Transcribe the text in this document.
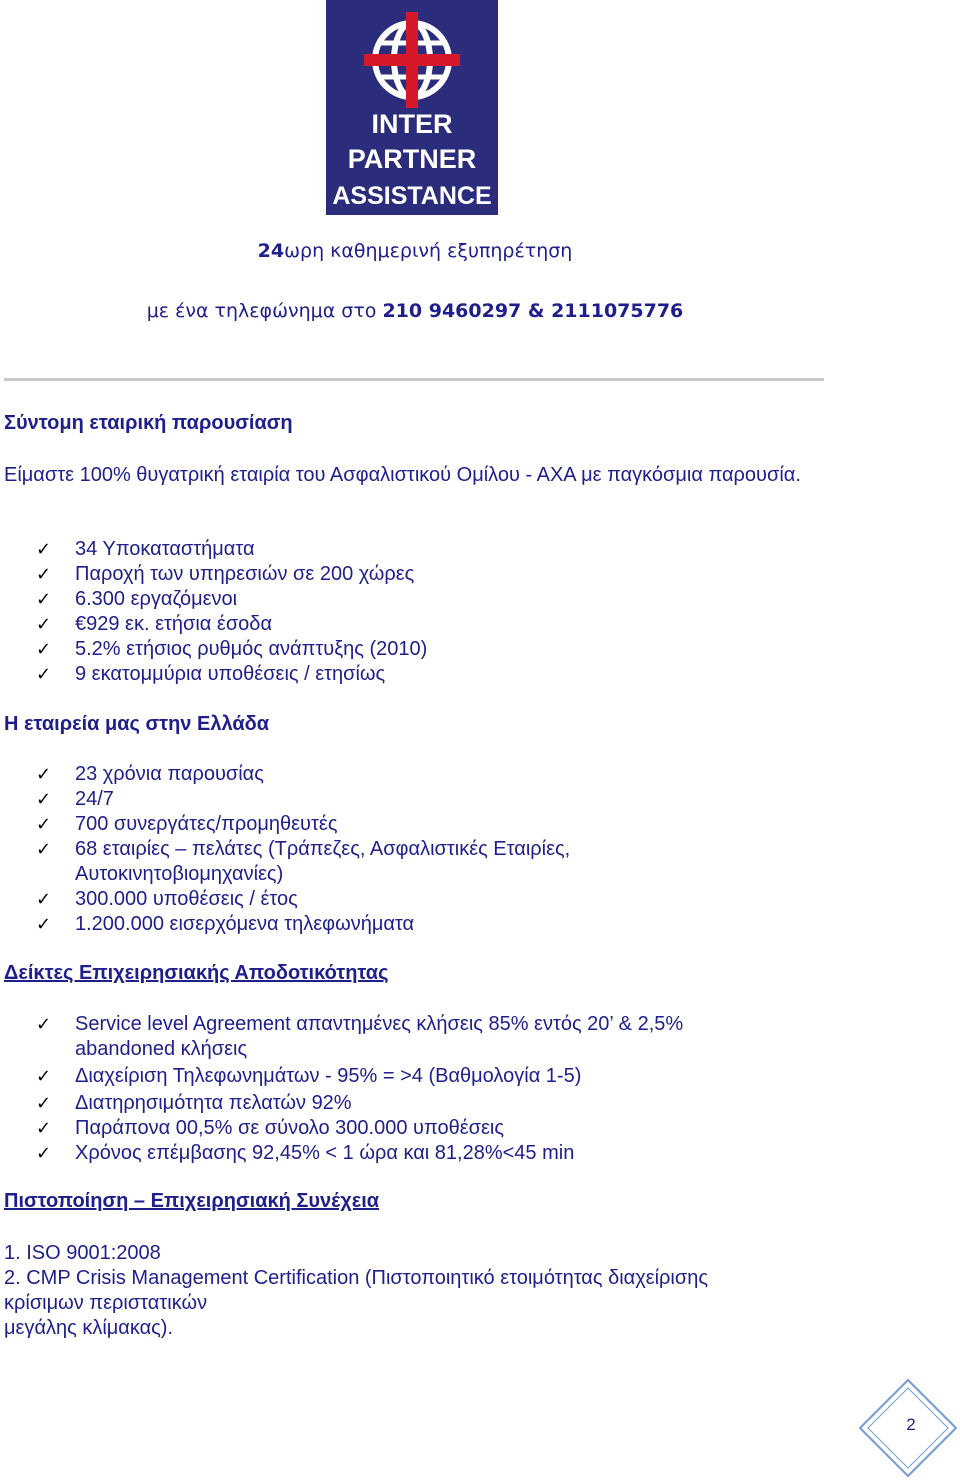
INTER
PARTNER
ASSISTANCE
24ωρη καθημερινή εξυπηρέτηση
με ένα τηλεφώνημα στο 210 9460297 & 2111075776
Σύντομη εταιρική παρουσίαση
Είμαστε 100% θυγατρική εταιρία του Ασφαλιστικού Ομίλου - ΑΧΑ με παγκόσμια παρουσία.
✓ 34 Υποκαταστήματα
✓ Παροχή των υπηρεσιών σε 200 χώρες
✓ 6.300 εργαζόμενοι
✓ €929 εκ. ετήσια έσοδα
✓ 5.2% ετήσιος ρυθμός ανάπτυξης (2010)
✓ 9 εκατομμύρια υποθέσεις / ετησίως
Η εταιρεία μας στην Ελλάδα
✓ 23 χρόνια παρουσίας
✓ 24/7
✓ 700 συνεργάτες/προμηθευτές
✓ 68 εταιρίες – πελάτες (Τράπεζες, Ασφαλιστικές Εταιρίες, Αυτοκινητοβιομηχανίες)
✓ 300.000 υποθέσεις / έτος
✓ 1.200.000 εισερχόμενα τηλεφωνήματα
Δείκτες Επιχειρησιακής Αποδοτικότητας
✓ Service level Agreement απαντημένες κλήσεις 85% εντός 20’ & 2,5% abandoned κλήσεις
✓ Διαχείριση Τηλεφωνημάτων - 95% = >4 (Βαθμολογία 1-5)
✓ Διατηρησιμότητα πελατών 92%
✓ Παράπονα 00,5% σε σύνολο 300.000 υποθέσεις
✓ Χρόνος επέμβασης 92,45% < 1 ώρα και 81,28%<45 min
Πιστοποίηση – Επιχειρησιακή Συνέχεια
1. ISO 9001:2008
2. CMP Crisis Management Certification (Πιστοποιητικό ετοιμότητας διαχείρισης
κρίσιμων περιστατικών
μεγάλης κλίμακας).
2
